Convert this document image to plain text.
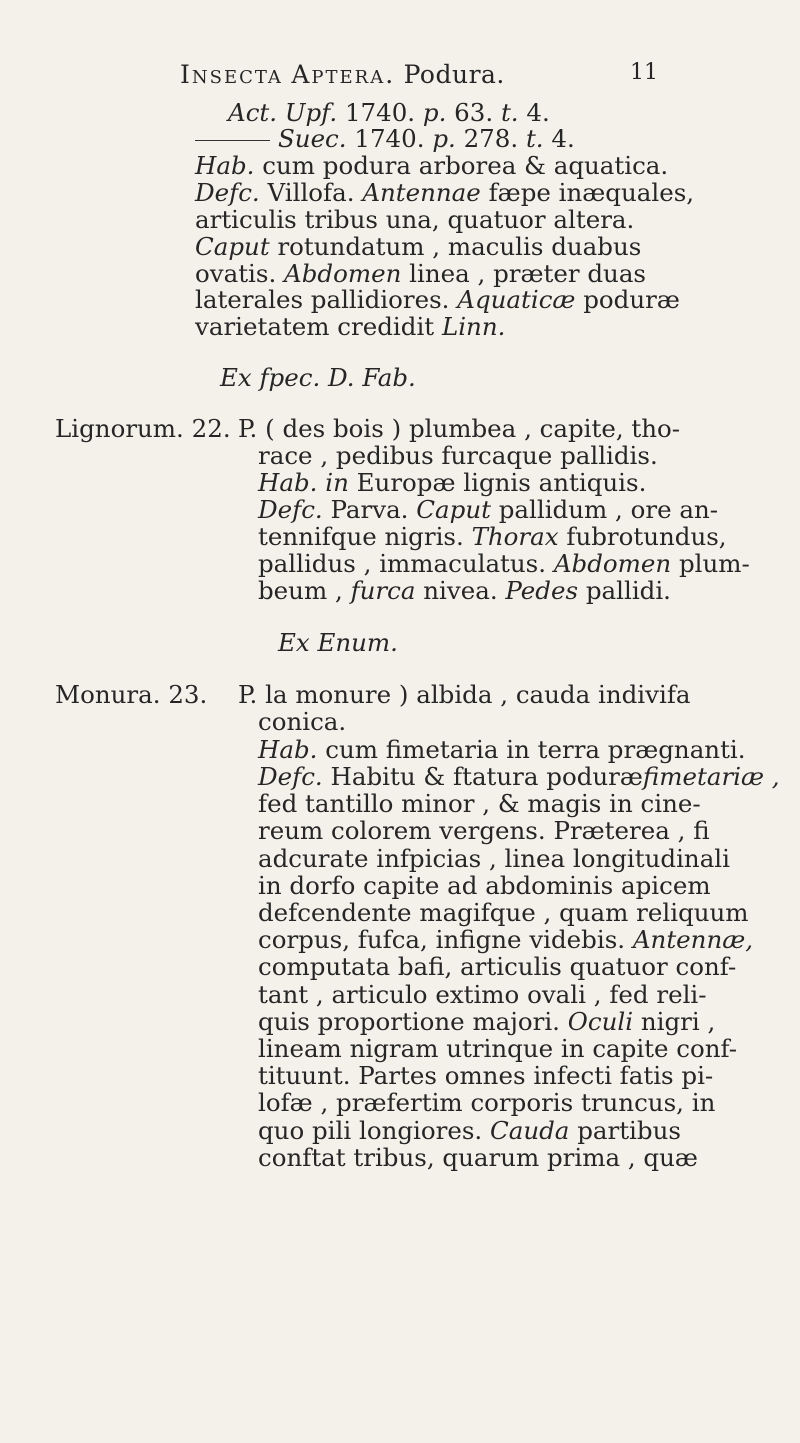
Insecta Aptera. Podura.	11
Act. Upf. 1740. p. 63. t. 4.
Suec. 1740. p. 278. t. 4.
Hab. cum podura arborea & aquatica.
Defc. Villofa. Antennae fæpe inæquales,
articulis tribus una, quatuor altera.
Caput rotundatum , maculis duabus
ovatis. Abdomen linea , præter duas
laterales pallidiores. Aquaticæ poduræ
varietatem credidit Linn.
Ex fpec. D. Fab.
Lignorum. 22. P. ( des bois ) plumbea , capite, tho-
race , pedibus furcaque pallidis.
Hab. in Europæ lignis antiquis.
Defc. Parva. Caput pallidum , ore an-
tennifque nigris. Thorax fubrotundus,
pallidus , immaculatus. Abdomen plum-
beum , furca nivea. Pedes pallidi.
Ex Enum.
Monura. 23. P. la monure ) albida , cauda indivifa
conica.
Hab. cum fimetaria in terra prægnanti.
Defc. Habitu & ftatura poduræfimetariæ ,
fed tantillo minor , & magis in cine-
reum colorem vergens. Præterea , fi
adcurate infpicias , linea longitudinali
in dorfo capite ad abdominis apicem
defcendente magifque , quam reliquum
corpus, fufca, infigne videbis. Antennæ,
computata bafi, articulis quatuor conf-
tant , articulo extimo ovali , fed reli-
quis proportione majori. Oculi nigri ,
lineam nigram utrinque in capite conf-
tituunt. Partes omnes infecti fatis pi-
lofæ , præfertim corporis truncus, in
quo pili longiores. Cauda partibus
conftat tribus, quarum prima , quæ
